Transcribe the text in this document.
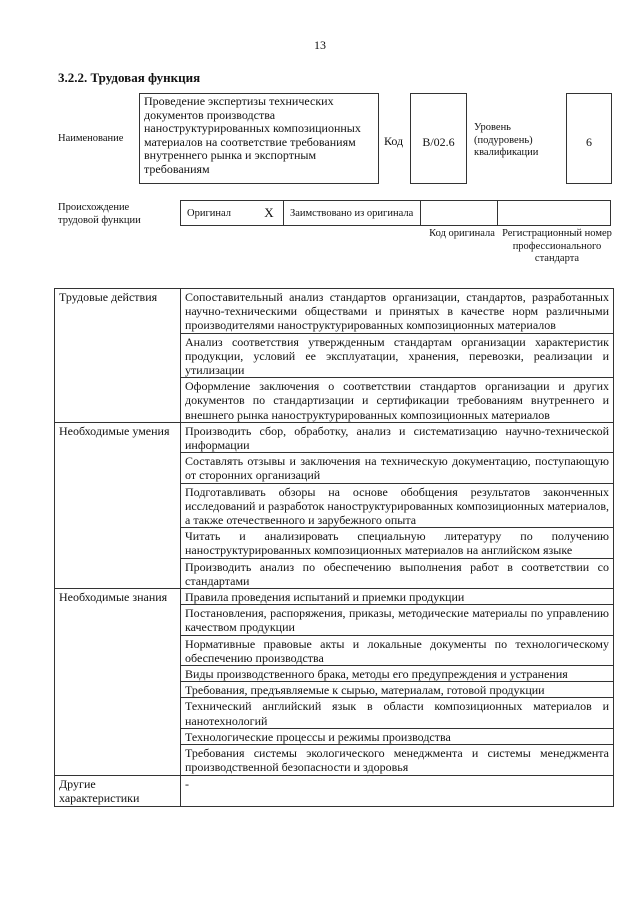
13
3.2.2. Трудовая функция
Наименование
Проведение экспертизы технических документов производства наноструктурированных композиционных материалов на соответствие требованиям внутреннего рынка и экспортным требованиям
Код	В/02.6
Уровень (подуровень) квалификации
6
Происхождение трудовой функции
Оригинал	X	Заимствовано из оригинала		
Код оригинала Регистрационный номер профессионального стандарта
Трудовые действия	Сопоставительный анализ стандартов организации, стандартов, разработанных научно-техническими обществами и принятых в качестве норм различными производителями наноструктурированных композиционных материалов
	Анализ соответствия утвержденным стандартам организации характеристик продукции, условий ее эксплуатации, хранения, перевозки, реализации и утилизации
	Оформление заключения о соответствии стандартов организации и других документов по стандартизации и сертификации требованиям внутреннего и внешнего рынка наноструктурированных композиционных материалов
Необходимые умения	Производить сбор, обработку, анализ и систематизацию научно-технической информации
	Составлять отзывы и заключения на техническую документацию, поступающую от сторонних организаций
	Подготавливать обзоры на основе обобщения результатов законченных исследований и разработок наноструктурированных композиционных материалов, а также отечественного и зарубежного опыта
	Читать и анализировать специальную литературу по получению наноструктурированных композиционных материалов на английском языке
	Производить анализ по обеспечению выполнения работ в соответствии со стандартами
Необходимые знания	Правила проведения испытаний и приемки продукции
	Постановления, распоряжения, приказы, методические материалы по управлению качеством продукции
	Нормативные правовые акты и локальные документы по технологическому обеспечению производства
	Виды производственного брака, методы его предупреждения и устранения
	Требования, предъявляемые к сырью, материалам, готовой продукции
	Технический английский язык в области композиционных материалов и нанотехнологий
	Технологические процессы и режимы производства
	Требования системы экологического менеджмента и системы менеджмента производственной безопасности и здоровья
Другие характеристики	-
